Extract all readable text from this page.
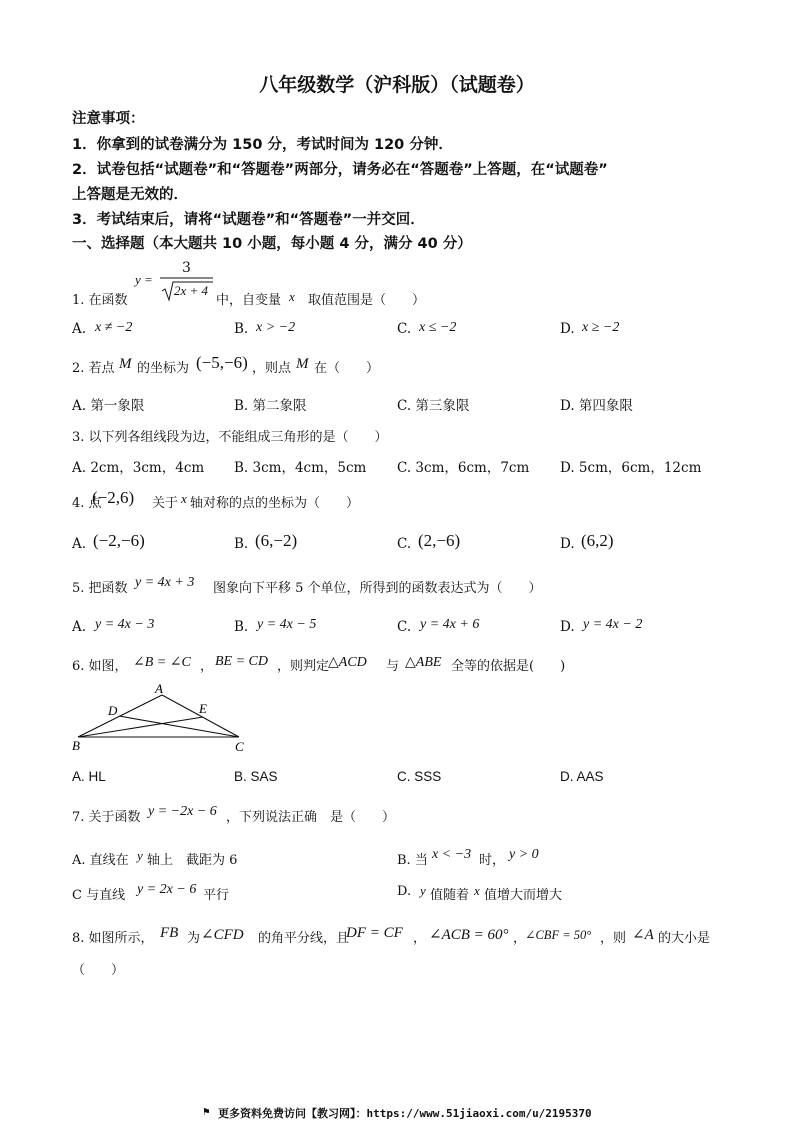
八年级数学（沪科版）（试题卷）
注意事项：
1．你拿到的试卷满分为 150 分，考试时间为 120 分钟．
2．试卷包括“试题卷”和“答题卷”两部分，请务必在“答题卷”上答题，在“试题卷”
上答题是无效的．
3．考试结束后，请将“试题卷”和“答题卷”一并交回．
一、选择题（本大题共 10 小题，每小题 4 分，满分 40 分）
y =
3
2x + 4
1. 在函数	中，自变量 x 取值范围是（　　）
A. x ≠ −2	B. x > −2	C. x ≤ −2	D. x ≥ −2
2. 若点 M 的坐标为 (−5,−6) ，则点 M 在（　　）
A. 第一象限	B. 第二象限	C. 第三象限	D. 第四象限
3. 以下列各组线段为边，不能组成三角形的是（　　）
A. 2cm，3cm，4cm B. 3cm，4cm，5cm C. 3cm，6cm，7cm D. 5cm，6cm，12cm
4. 点
(−2,6) 关于 x 轴对称的点的坐标为（　　）
A. (−2,−6)	B. (6,−2)	C. (2,−6)	D. (6,2)
5. 把函数 y = 4x + 3 图象向下平移 5 个单位，所得到的函数表达式为（　　）
A. y = 4x − 3	B. y = 4x − 5	C. y = 4x + 6	D. y = 4x − 2
6. 如图， ∠B = ∠C ， BE = CD ，则判定
△ACD 与 △ABE 全等的依据是(　　)
A
B	C
D	E
A. HL	B. SAS	C. SSS	D. AAS
7. 关于函数 y = −2x − 6 ，下列说法正确　是（　　）
A. 直线在 y 轴上　截距为 6	B. 当 x < −3 时， y > 0
C 与直线 y = 2x − 6 平行	D. y 值随着 x 值增大而增大
8. 如图所示， FB 为 ∠CFD 的角平分线，且
DF = CF ， ∠ACB = 60° ，
∠CBF = 50° ，则 ∠A 的大小是
（　　）
⚑ 更多资料免费访问【教习网】：https://www.51jiaoxi.com/u/2195370
